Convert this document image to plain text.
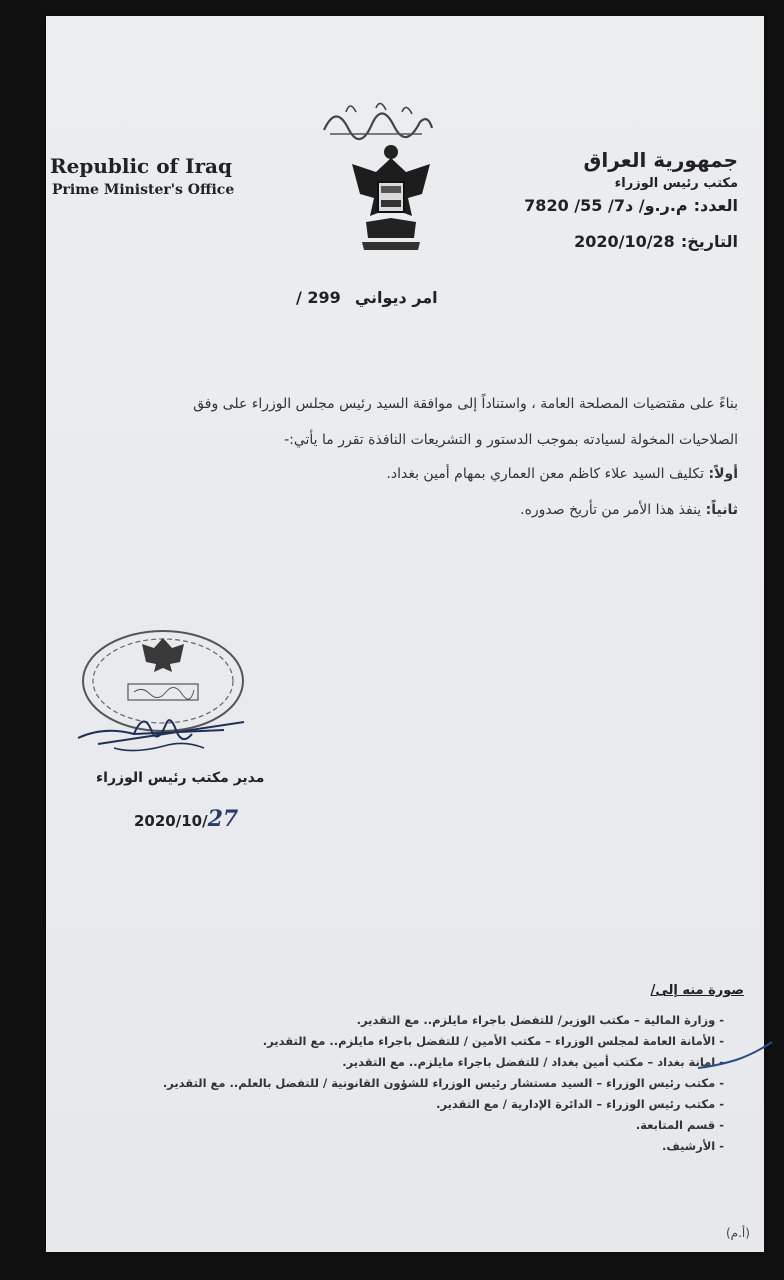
Republic of Iraq
Prime Minister's Office
جمهورية العراق
مكتب رئيس الوزراء
العدد:
م.ر.و/ د7/ 55/ 7820
التاريخ:
2020/10/28
/ 299 امر ديواني
بناءً على مقتضيات المصلحة العامة ، واستناداً إلى موافقة السيد رئيس مجلس الوزراء على وفق
الصلاحيات المخولة لسيادته بموجب الدستور و التشريعات النافذة تقرر ما يأتي:-
أولاً: تكليف السيد علاء كاظم معن العماري بمهام أمين بغداد.
ثانياً: ينفذ هذا الأمر من تأريخ صدوره.
مدير مكتب رئيس الوزراء
2020/10/27
صورة منه إلى/
- وزارة المالية – مكتب الوزير/ للتفضل باجراء مايلزم.. مع التقدير.
- الأمانة العامة لمجلس الوزراء – مكتب الأمين / للتفضل باجراء مايلزم.. مع التقدير.
- امانة بغداد – مكتب أمين بغداد / للتفضل باجراء مايلزم.. مع التقدير.
- مكتب رئيس الوزراء – السيد مستشار رئيس الوزراء للشؤون القانونية / للتفضل بالعلم.. مع التقدير.
- مكتب رئيس الوزراء – الدائرة الإدارية / مع التقدير.
- قسم المتابعة.
- الأرشيف.
(أ.م)
